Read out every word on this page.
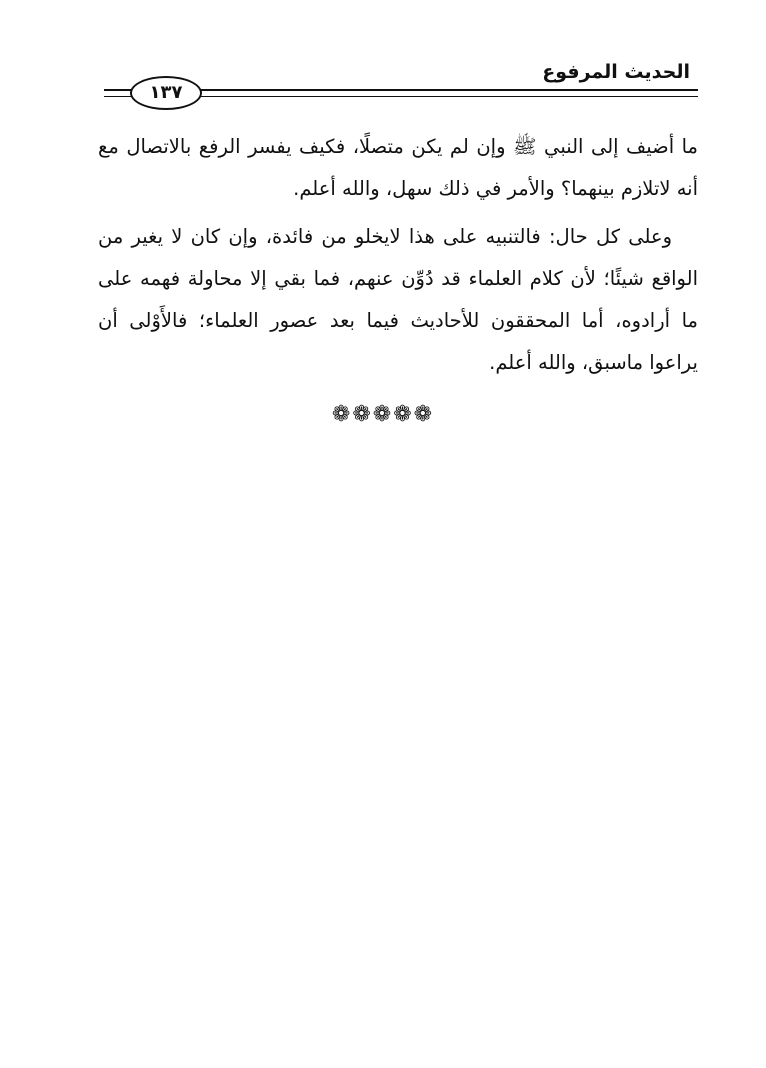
الحديث المرفوع
١٣٧

ما أضيف إلى النبي ﷺ وإن لم يكن متصلًا، فكيف يفسر الرفع بالاتصال مع أنه لاتلازم بينهما؟ والأمر في ذلك سهل، والله أعلم.

وعلى كل حال: فالتنبيه على هذا لايخلو من فائدة، وإن كان لا يغير من الواقع شيئًا؛ لأن كلام العلماء قد دُوِّن عنهم، فما بقي إلا محاولة فهمه على ما أرادوه، أما المحققون للأحاديث فيما بعد عصور العلماء؛ فالأَوْلى أن يراعوا ماسبق، والله أعلم.

❁❁❁❁❁
